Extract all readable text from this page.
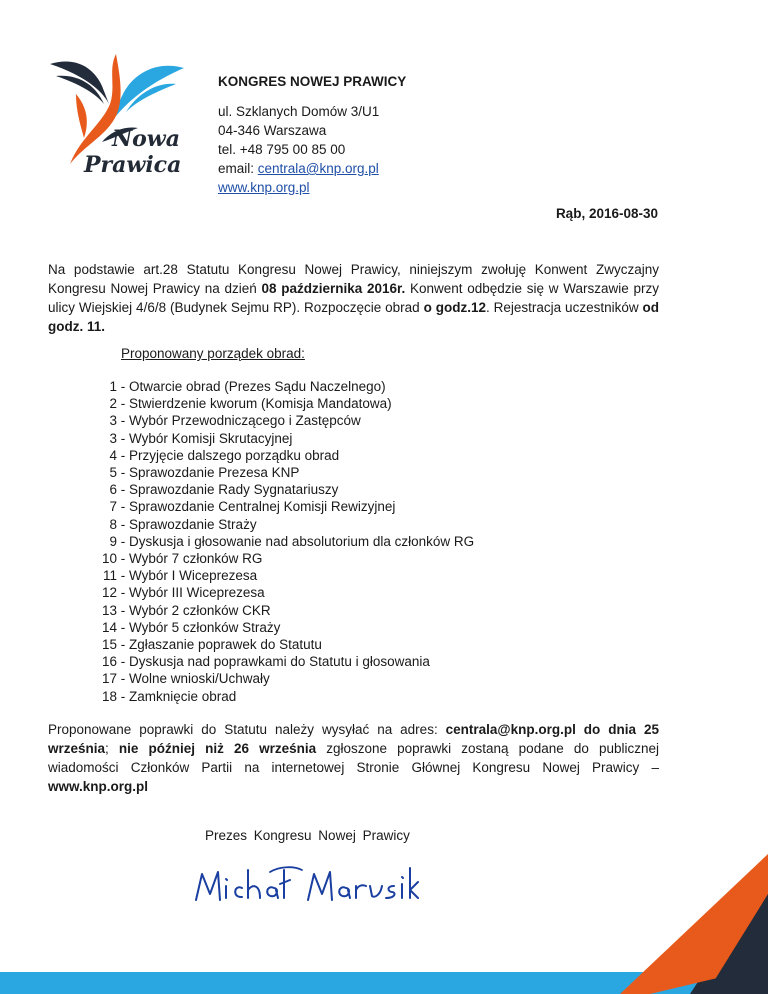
Nowa
Prawica
KONGRES NOWEJ PRAWICY
ul. Szklanych Domów 3/U1
04-346 Warszawa
tel. +48 795 00 85 00
email: centrala@knp.org.pl
www.knp.org.pl
Rąb, 2016-08-30
Na podstawie art.28 Statutu Kongresu Nowej Prawicy, niniejszym zwołuję Konwent Zwyczajny Kongresu Nowej Prawicy na dzień 08 października 2016r. Konwent odbędzie się w Warszawie przy ulicy Wiejskiej 4/6/8 (Budynek Sejmu RP). Rozpoczęcie obrad o godz.12. Rejestracja uczestników od godz. 11.
Proponowany porządek obrad:
1 - Otwarcie obrad (Prezes Sądu Naczelnego)
2 - Stwierdzenie kworum (Komisja Mandatowa)
3 - Wybór Przewodniczącego i Zastępców
3 - Wybór Komisji Skrutacyjnej
4 - Przyjęcie dalszego porządku obrad
5 - Sprawozdanie Prezesa KNP
6 - Sprawozdanie Rady Sygnatariuszy
7 - Sprawozdanie Centralnej Komisji Rewizyjnej
8 - Sprawozdanie Straży
9 - Dyskusja i głosowanie nad absolutorium dla członków RG
10 - Wybór 7 członków RG
11 - Wybór I Wiceprezesa
12 - Wybór III Wiceprezesa
13 - Wybór 2 członków CKR
14 - Wybór 5 członków Straży
15 - Zgłaszanie poprawek do Statutu
16 - Dyskusja nad poprawkami do Statutu i głosowania
17 - Wolne wnioski/Uchwały
18 - Zamknięcie obrad
Proponowane poprawki do Statutu należy wysyłać na adres: centrala@knp.org.pl do dnia 25 września; nie później niż 26 września zgłoszone poprawki zostaną podane do publicznej wiadomości Członków Partii na internetowej Stronie Głównej Kongresu Nowej Prawicy – www.knp.org.pl
Prezes Kongresu Nowej Prawicy
